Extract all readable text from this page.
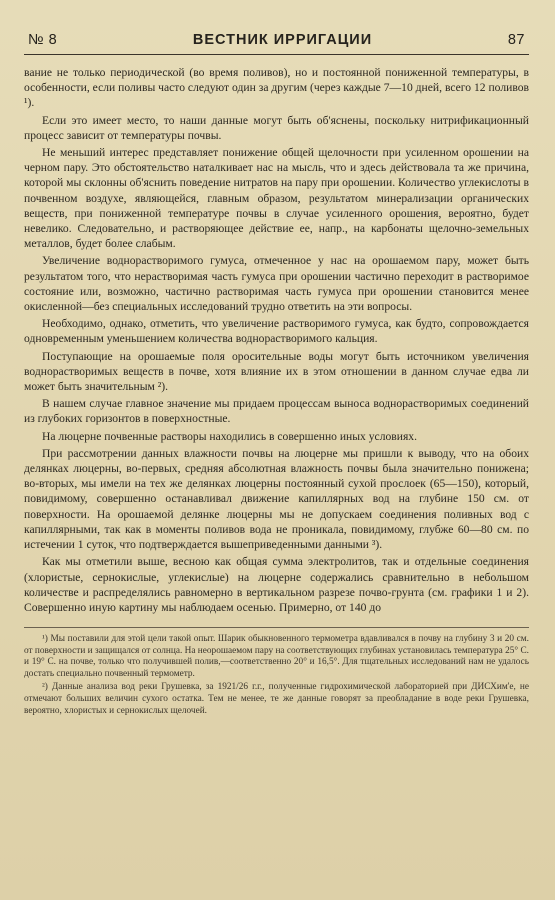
№ 8	ВЕСТНИК ИРРИГАЦИИ	87

вание не только периодической (во время поливов), но и постоянной пониженной температуры, в особенности, если поливы часто следуют один за другим (через каждые 7—10 дней, всего 12 поливов ¹).

Если это имеет место, то наши данные могут быть об'яснены, поскольку нитрификационный процесс зависит от температуры почвы.

Не меньший интерес представляет понижение общей щелочности при усиленном орошении на черном пару. Это обстоятельство наталкивает нас на мысль, что и здесь действовала та же причина, которой мы склонны об'яснить поведение нитратов на пару при орошении. Количество углекислоты в почвенном воздухе, являющейся, главным образом, результатом минерализации органических веществ, при пониженной температуре почвы в случае усиленного орошения, вероятно, будет невелико. Следовательно, и растворяющее действие ее, напр., на карбонаты щелочно-земельных металлов, будет более слабым.

Увеличение воднорастворимого гумуса, отмеченное у нас на орошаемом пару, может быть результатом того, что нерастворимая часть гумуса при орошении частично переходит в растворимое состояние или, возможно, частично растворимая часть гумуса при орошении становится менее окисленной—без специальных исследований трудно ответить на эти вопросы.

Необходимо, однако, отметить, что увеличение растворимого гумуса, как будто, сопровождается одновременным уменьшением количества воднорастворимого кальция.

Поступающие на орошаемые поля оросительные воды могут быть источником увеличения воднорастворимых веществ в почве, хотя влияние их в этом отношении в данном случае едва ли может быть значительным ²).

В нашем случае главное значение мы придаем процессам выноса воднорастворимых соединений из глубоких горизонтов в поверхностные.

На люцерне почвенные растворы находились в совершенно иных условиях.

При рассмотрении данных влажности почвы на люцерне мы пришли к выводу, что на обоих делянках люцерны, во-первых, средняя абсолютная влажность почвы была значительно понижена; во-вторых, мы имели на тех же делянках люцерны постоянный сухой прослоек (65—150), который, повидимому, совершенно останавливал движение капиллярных вод на глубине 150 см. от поверхности. На орошаемой делянке люцерны мы не допускаем соединения поливных вод с капиллярными, так как в моменты поливов вода не проникала, повидимому, глубже 60—80 см. по истечении 1 суток, что подтверждается вышеприведенными данными ³).

Как мы отметили выше, весною как общая сумма электролитов, так и отдельные соединения (хлористые, сернокислые, углекислые) на люцерне содержались сравнительно в небольшом количестве и распределялись равномерно в вертикальном разрезе почво-грунта (см. графики 1 и 2). Совершенно иную картину мы наблюдаем осенью. Примерно, от 140 до

¹) Мы поставили для этой цели такой опыт. Шарик обыкновенного термометра вдавливался в почву на глубину 3 и 20 см. от поверхности и защищался от солнца. На неорошаемом пару на соответствующих глубинах установилась температура 25° С. и 19° С. на почве, только что получившей полив,—соответственно 20° и 16,5°. Для тщательных исследований нам не удалось достать специально почвенный термометр.

²) Данные анализа вод реки Грушевка, за 1921/26 г.г., полученные гидрохимической лабораторией при ДИСХим'е, не отмечают больших величин сухого остатка. Тем не менее, те же данные говорят за преобладание в воде реки Грушевка, вероятно, хлористых и сернокислых щелочей.
